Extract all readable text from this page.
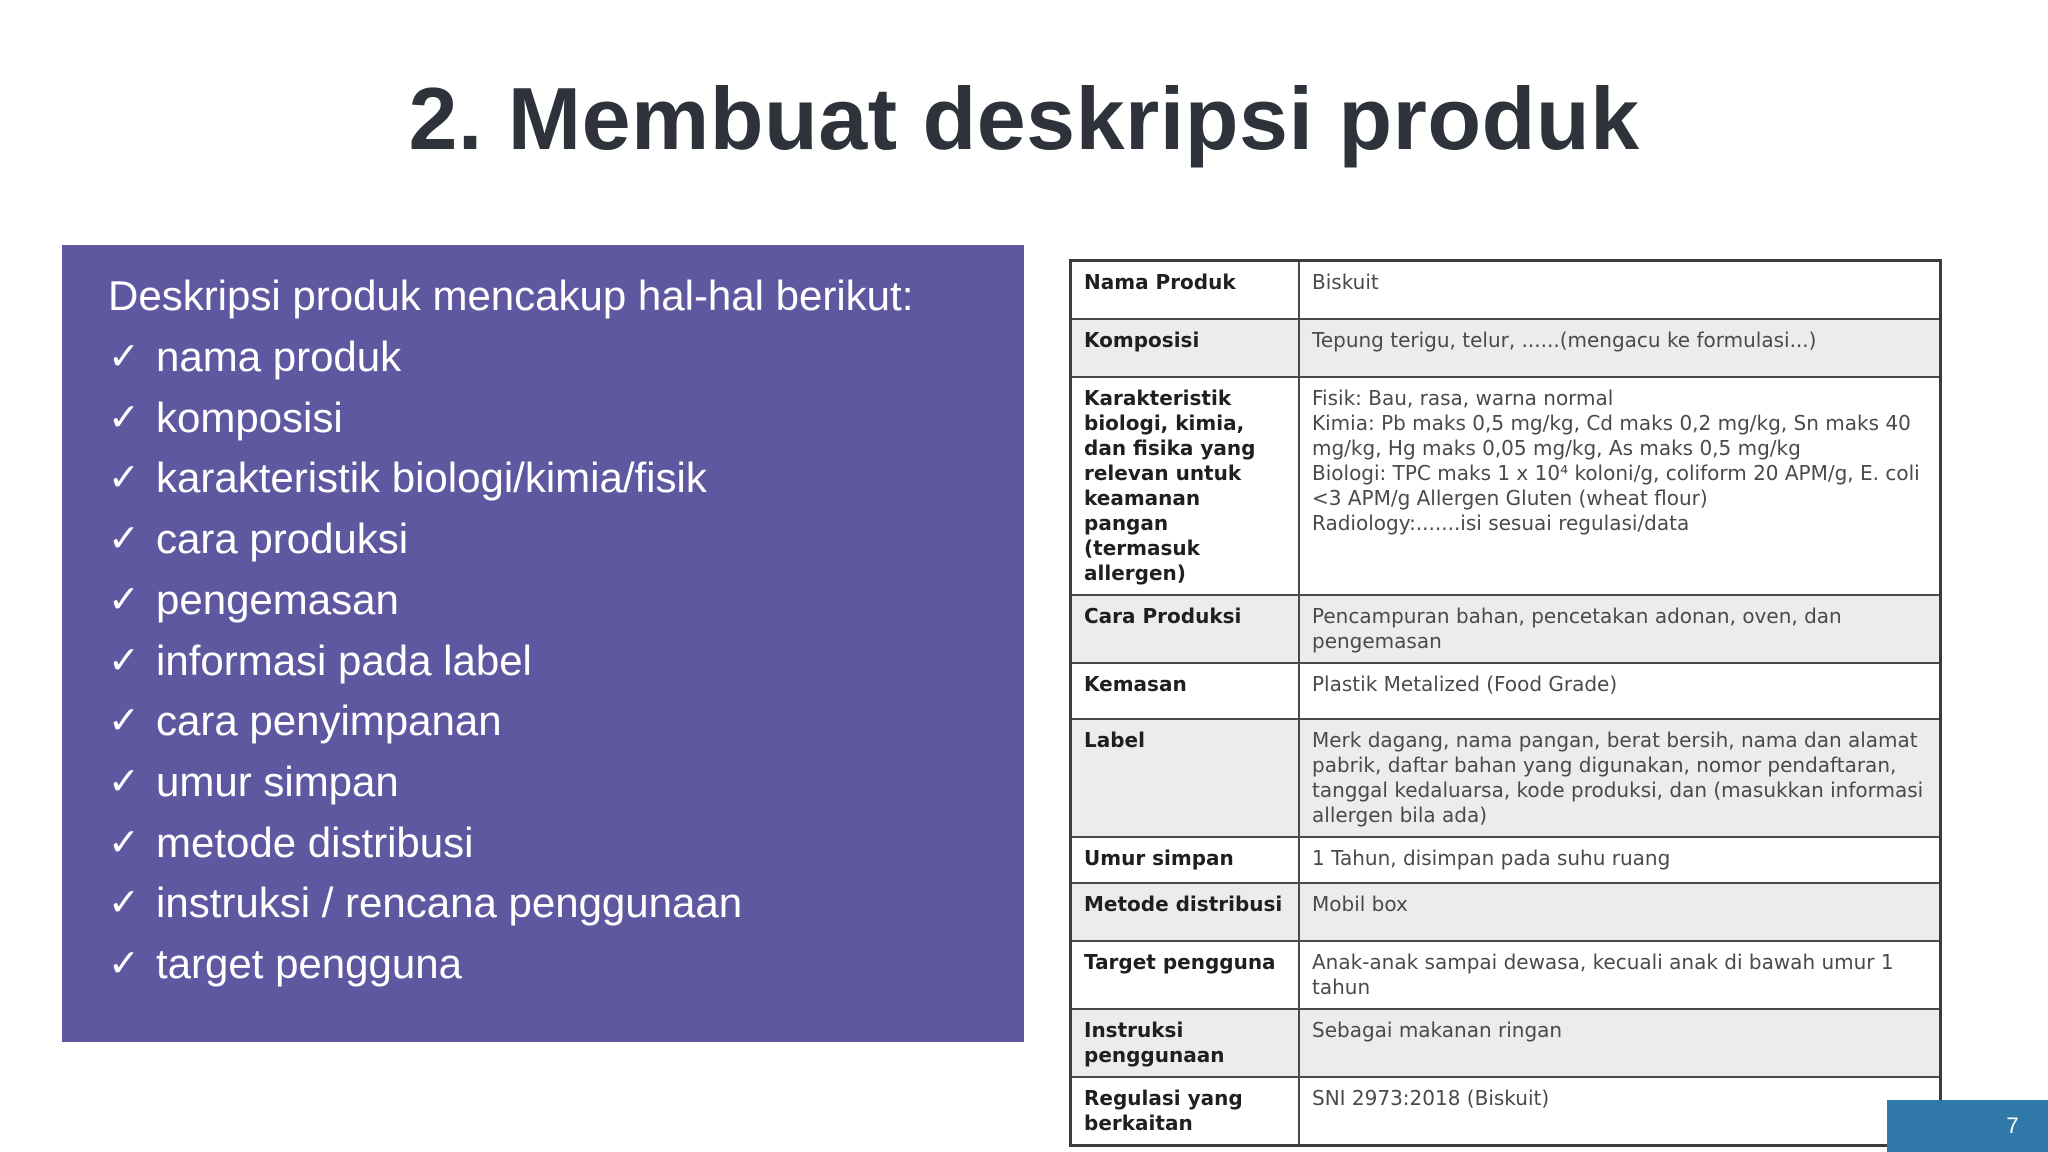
2. Membuat deskripsi produk
Deskripsi produk mencakup hal-hal berikut:
✓ nama produk
✓ komposisi
✓ karakteristik biologi/kimia/fisik
✓ cara produksi
✓ pengemasan
✓ informasi pada label
✓ cara penyimpanan
✓ umur simpan
✓ metode distribusi
✓ instruksi / rencana penggunaan
✓ target pengguna
Nama Produk	Biskuit
Komposisi	Tepung terigu, telur, ......(mengacu ke formulasi...)
Karakteristik biologi, kimia, dan fisika yang relevan untuk keamanan pangan (termasuk allergen)	Fisik: Bau, rasa, warna normal
Kimia: Pb maks 0,5 mg/kg, Cd maks 0,2 mg/kg, Sn maks 40 mg/kg, Hg maks 0,05 mg/kg, As maks 0,5 mg/kg
Biologi: TPC maks 1 x 10⁴ koloni/g, coliform 20 APM/g, E. coli <3 APM/g Allergen Gluten (wheat flour)
Radiology:.......isi sesuai regulasi/data
Cara Produksi	Pencampuran bahan, pencetakan adonan, oven, dan pengemasan
Kemasan	Plastik Metalized (Food Grade)
Label	Merk dagang, nama pangan, berat bersih, nama dan alamat pabrik, daftar bahan yang digunakan, nomor pendaftaran, tanggal kedaluarsa, kode produksi, dan (masukkan informasi allergen bila ada)
Umur simpan	1 Tahun, disimpan pada suhu ruang
Metode distribusi	Mobil box
Target pengguna	Anak-anak sampai dewasa, kecuali anak di bawah umur 1 tahun
Instruksi penggunaan	Sebagai makanan ringan
Regulasi yang berkaitan	SNI 2973:2018 (Biskuit)
7
